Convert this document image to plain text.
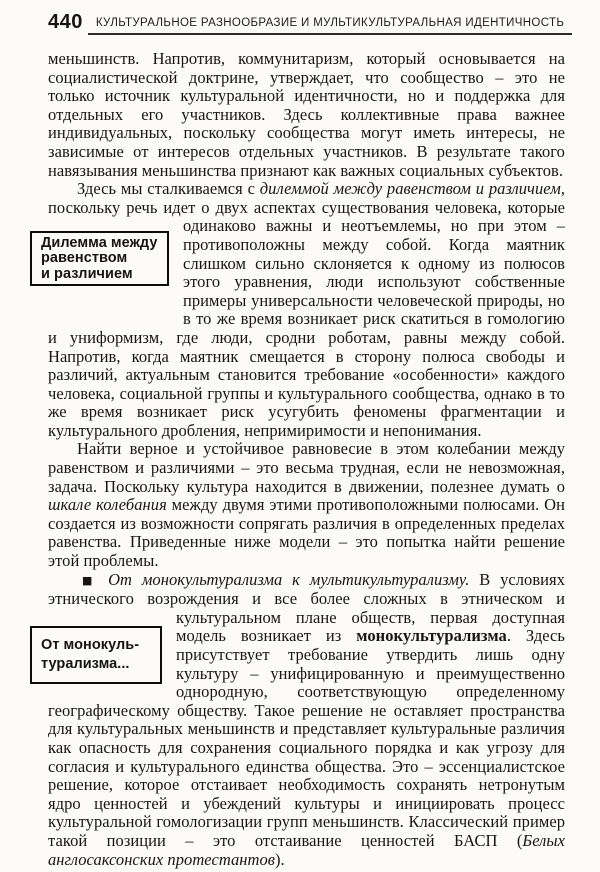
440 КУЛЬТУРАЛЬНОЕ РАЗНООБРАЗИЕ И МУЛЬТИКУЛЬТУРАЛЬНАЯ ИДЕНТИЧНОСТЬ

меньшинств. Напротив, коммунитаризм, который основывается на социалистической доктрине, утверждает, что сообщество – это не только источник культуральной идентичности, но и поддержка для отдельных его участников. Здесь коллективные права важнее индивидуальных, поскольку сообщества могут иметь интересы, не зависимые от интересов отдельных участников. В результате такого навязывания меньшинства признают как важных социальных субъектов.

Здесь мы сталкиваемся с дилеммой между равенством и различием, поскольку речь идет о двух аспектах существования человека,
Дилемма между
равенством
и различием
которые одинаково важны и неотъемлемы, но при этом – противоположны между собой. Когда маятник слишком сильно склоняется к одному из полюсов этого уравнения, люди используют собственные примеры универсальности человеческой природы, но в то же время возникает риск скатиться в гомологию и униформизм, где люди, сродни роботам, равны между собой. Напротив, когда маятник смещается в сторону полюса свободы и различий, актуальным становится требование «особенности» каждого человека, социальной группы и культурального сообщества, однако в то же время возникает риск усугубить феномены фрагментации и культурального дробления, непримиримости и непонимания.

Найти верное и устойчивое равновесие в этом колебании между равенством и различиями – это весьма трудная, если не невозможная, задача. Поскольку культура находится в движении, полезнее думать о шкале колебания между двумя этими противоположными полюсами. Он создается из возможности сопрягать различия в определенных пределах равенства. Приведенные ниже модели – это попытка найти решение этой проблемы.

■ От монокультурализма к мультикультурализму. В условиях этнического возрождения и все более сложных в этническом и
От монокуль-
турализма...
культуральном плане обществ, первая доступная модель возникает из монокультурализма. Здесь присутствует требование утвердить лишь одну культуру – унифицированную и преимущественно однородную, соответствующую определенному географическому обществу. Такое решение не оставляет пространства для культуральных меньшинств и представляет культуральные различия как опасность для сохранения социального порядка и как угрозу для согласия и культурального единства общества. Это – эссенциалистское решение, которое отстаивает необходимость сохранять нетронутым ядро ценностей и убеждений культуры и инициировать процесс культуральной гомологизации групп меньшинств. Классический пример такой позиции – это отстаивание ценностей БАСП (Белых англосаксонских протестантов).
